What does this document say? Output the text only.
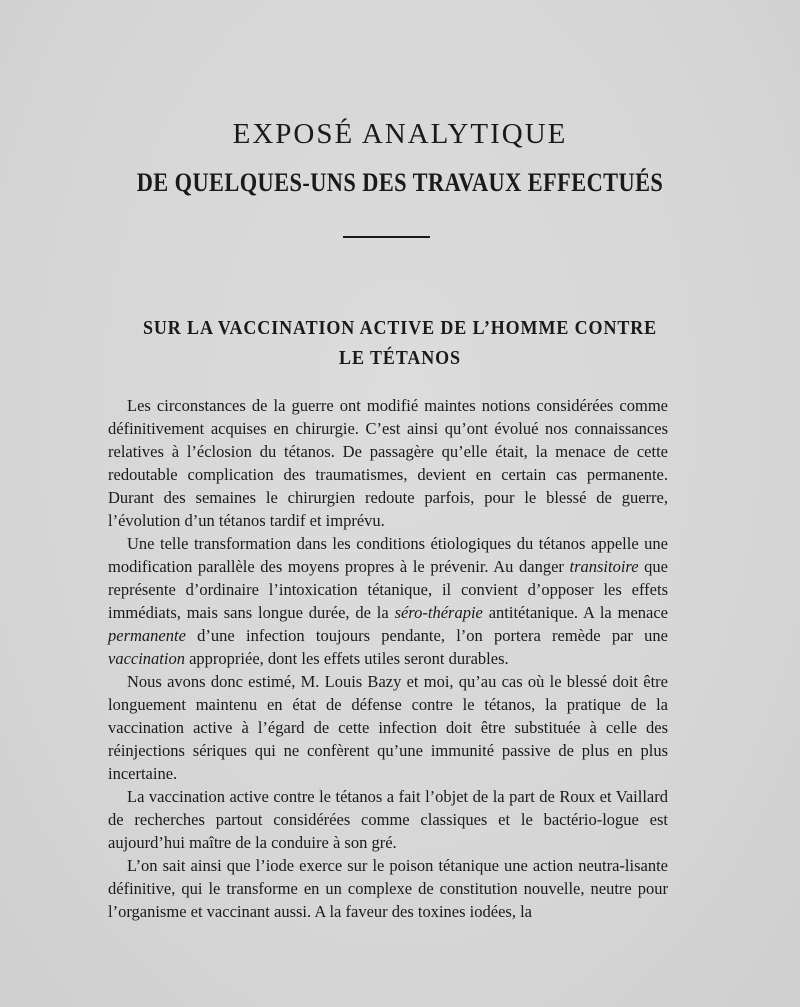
EXPOSÉ ANALYTIQUE
DE QUELQUES-UNS DES TRAVAUX EFFECTUÉS
SUR LA VACCINATION ACTIVE DE L’HOMME CONTRE
LE TÉTANOS

Les circonstances de la guerre ont modifié maintes notions considérées comme définitivement acquises en chirurgie. C’est ainsi qu’ont évolué nos connaissances relatives à l’éclosion du tétanos. De passagère qu’elle était, la menace de cette redoutable complication des traumatismes, devient en certain cas permanente. Durant des semaines le chirurgien redoute parfois, pour le blessé de guerre, l’évolution d’un tétanos tardif et imprévu.

Une telle transformation dans les conditions étiologiques du tétanos appelle une modification parallèle des moyens propres à le prévenir. Au danger transitoire que représente d’ordinaire l’intoxication tétanique, il convient d’opposer les effets immédiats, mais sans longue durée, de la séro-thérapie antitétanique. A la menace permanente d’une infection toujours pendante, l’on portera remède par une vaccination appropriée, dont les effets utiles seront durables.

Nous avons donc estimé, M. Louis Bazy et moi, qu’au cas où le blessé doit être longuement maintenu en état de défense contre le tétanos, la pratique de la vaccination active à l’égard de cette infection doit être substituée à celle des réinjections sériques qui ne confèrent qu’une immunité passive de plus en plus incertaine.

La vaccination active contre le tétanos a fait l’objet de la part de Roux et Vaillard de recherches partout considérées comme classiques et le bactério-logue est aujourd’hui maître de la conduire à son gré.

L’on sait ainsi que l’iode exerce sur le poison tétanique une action neutra-lisante définitive, qui le transforme en un complexe de constitution nouvelle, neutre pour l’organisme et vaccinant aussi. A la faveur des toxines iodées, la
